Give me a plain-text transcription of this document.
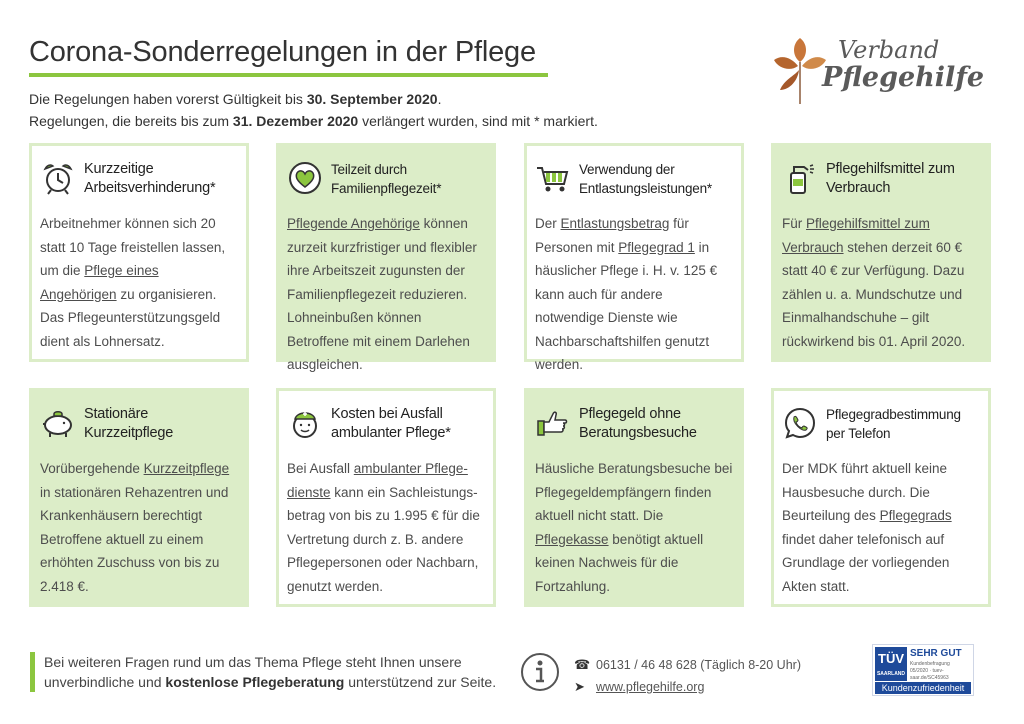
Corona-Sonderregelungen in der Pflege
Die Regelungen haben vorerst Gültigkeit bis 30. September 2020.
Regelungen, die bereits bis zum 31. Dezember 2020 verlängert wurden, sind mit * markiert.
Verband
Pflegehilfe
Kurzzeitige Arbeitsverhinderung*
Arbeitnehmer können sich 20 statt 10 Tage freistellen lassen, um die Pflege eines Angehörigen zu organisieren. Das Pflegeunterstützungsgeld dient als Lohnersatz.
Teilzeit durch Familienpflegezeit*
Pflegende Angehörige können zurzeit kurzfristiger und flexibler ihre Arbeitszeit zugunsten der Familienpflegezeit reduzieren. Lohneinbußen können Betroffene mit einem Darlehen ausgleichen.
Verwendung der Entlastungsleistungen*
Der Entlastungsbetrag für Personen mit Pflegegrad 1 in häuslicher Pflege i. H. v. 125 € kann auch für andere notwendige Dienste wie Nachbarschaftshilfen genutzt werden.
Pflegehilfsmittel zum Verbrauch
Für Pflegehilfsmittel zum Verbrauch stehen derzeit 60 € statt 40 € zur Verfügung. Dazu zählen u. a. Mundschutze und Einmalhandschuhe – gilt rückwirkend bis 01. April 2020.
Stationäre Kurzzeitpflege
Vorübergehende Kurzzeitpflege in stationären Rehazentren und Krankenhäusern berechtigt Betroffene aktuell zu einem erhöhten Zuschuss von bis zu 2.418 €.
Kosten bei Ausfall ambulanter Pflege*
Bei Ausfall ambulanter Pflege-dienste kann ein Sachleistungs-betrag von bis zu 1.995 € für die Vertretung durch z. B. andere Pflegepersonen oder Nachbarn, genutzt werden.
Pflegegeld ohne Beratungsbesuche
Häusliche Beratungsbesuche bei Pflegegeldempfängern finden aktuell nicht statt. Die Pflegekasse benötigt aktuell keinen Nachweis für die Fortzahlung.
Pflegegradbestimmung per Telefon
Der MDK führt aktuell keine Hausbesuche durch. Die Beurteilung des Pflegegrads findet daher telefonisch auf Grundlage der vorliegenden Akten statt.
Bei weiteren Fragen rund um das Thema Pflege steht Ihnen unsere
unverbindliche und kostenlose Pflegeberatung unterstützend zur Seite.
☎ 06131 / 46 48 628 (Täglich 8-20 Uhr)
➤ www.pflegehilfe.org
TÜV
SAARLAND
SEHR GUT
Kundenbefragung
05/2020 · tuev-saar.de/SC45963
Kundenzufriedenheit
